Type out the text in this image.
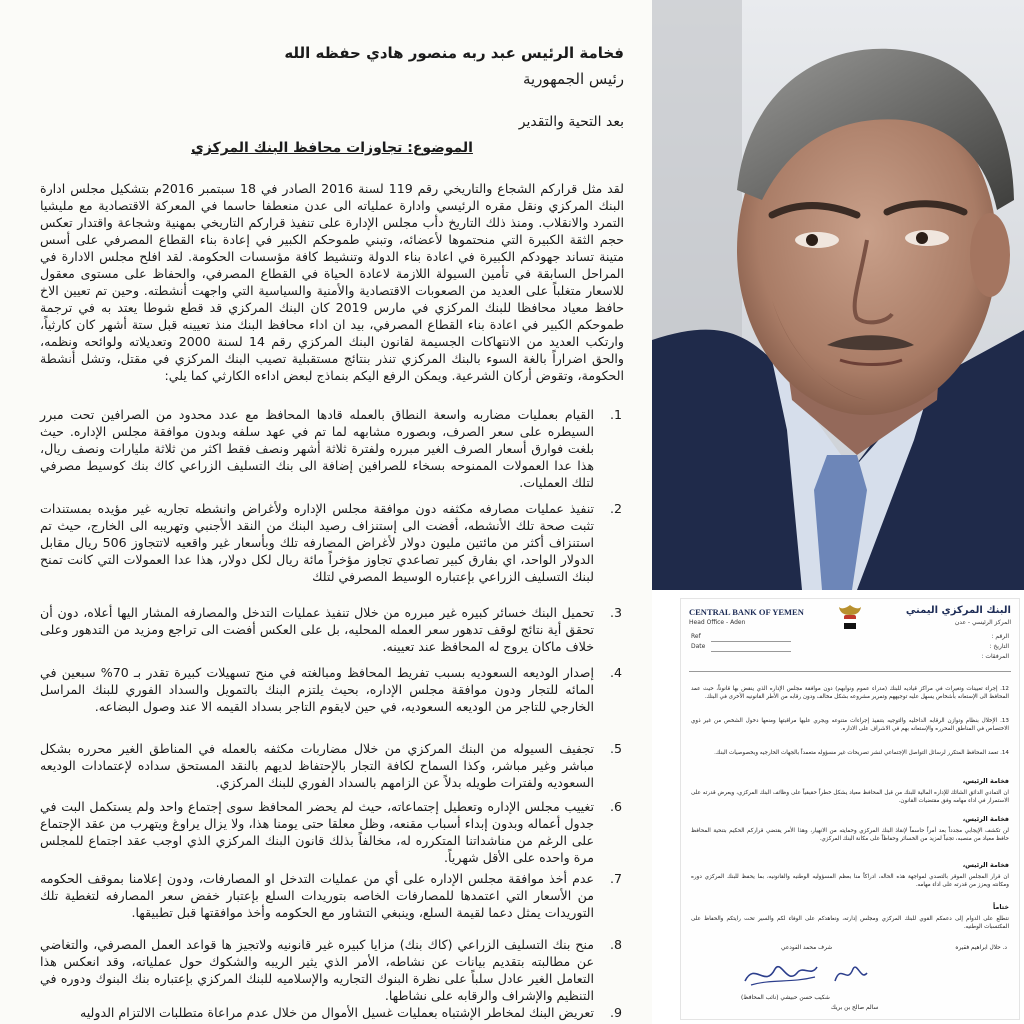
فخامة الرئيس عبد ربه منصور هادي حفظه الله
رئيس الجمهورية
بعد التحية والتقدير
الموضوع: تجاوزات محافظ البنك المركزي
لقد مثل قراركم الشجاع والتاريخي رقم 119 لسنة 2016 الصادر في 18 سبتمبر 2016م بتشكيل مجلس ادارة البنك المركزي ونقل مقره الرئيسي وادارة عملياته الى عدن منعطفا حاسما في المعركة الاقتصادية مع مليشيا التمرد والانقلاب. ومنذ ذلك التاريخ دأب مجلس الإدارة على تنفيذ قراركم التاريخي بمهنية وشجاعة واقتدار تعكس حجم الثقة الكبيرة التي منحتموها لأعضائه، وتبني طموحكم الكبير في إعادة بناء القطاع المصرفي على أسس متينة تساند جهودكم الكبيرة في اعادة بناء الدولة وتنشيط كافة مؤسسات الحكومة. لقد افلح مجلس الادارة في المراحل السابقة في تأمين السيولة اللازمة لاعادة الحياة في القطاع المصرفي، والحفاظ على مستوى معقول للاسعار متغلباً على العديد من الصعوبات الاقتصادية والأمنية والسياسية التي واجهت أنشطته. وحين تم تعيين الاخ حافظ معياد محافظا للبنك المركزي في مارس 2019 كان البنك المركزي قد قطع شوطا يعتد به في ترجمة طموحكم الكبير في اعادة بناء القطاع المصرفي، بيد ان اداء محافظ البنك منذ تعيينه قبل ستة أشهر كان كارثياً، وارتكب العديد من الانتهاكات الجسيمة لقانون البنك المركزي رقم 14 لسنة 2000 وتعديلاته ولوائحه ونظمه، والحق اضراراً بالغة السوء بالبنك المركزي تنذر بنتائج مستقبلية تصيب البنك المركزي في مقتل، وتشل أنشطة الحكومة، وتقوض أركان الشرعية. ويمكن الرفع اليكم بنماذج لبعض اداءه الكارثي كما يلي:
1.
القيام بعمليات مضاربه واسعة النطاق بالعمله قادها المحافظ مع عدد محدود من الصرافين تحت مبرر السيطره على سعر الصرف، وبصوره مشابهه لما تم في عهد سلفه وبدون موافقة مجلس الإداره. حيث بلغت فوارق أسعار الصرف الغير مبرره ولفترة ثلاثة أشهر ونصف فقط اكثر من ثلاثة مليارات ونصف ريال، هذا عدا العمولات الممنوحه بسخاء للصرافين إضافة الى بنك التسليف الزراعي كاك بنك كوسيط مصرفي لتلك العمليات.
2.
تنفيذ عمليات مصارفه مكثفه دون موافقة مجلس الإداره ولأغراض وانشطه تجاريه غير مؤيده بمستندات تثبت صحة تلك الأنشطه، أفضت الى إستنزاف رصيد البنك من النقد الأجنبي وتهريبه الى الخارج، حيث تم استنزاف أكثر من مائتين مليون دولار لأغراض المصارفه تلك وبأسعار غير واقعيه لاتتجاوز 506 ريال مقابل الدولار الواحد، اي بفارق كبير تصاعدي تجاوز مؤخراً مائة ريال لكل دولار، هذا عدا العمولات التي كانت تمنح لبنك التسليف الزراعي بإعتباره الوسيط المصرفي لتلك
3.
تحميل البنك خسائر كبيره غير مبرره من خلال تنفيذ عمليات التدخل والمصارفه المشار اليها أعلاه، دون أن تحقق أية نتائج لوقف تدهور سعر العمله المحليه، بل على العكس أفضت الى تراجع ومزيد من التدهور وعلى خلاف ماكان يروج له المحافظ عند تعيينه.
4.
إصدار الوديعه السعوديه بسبب تفريط المحافظ ومبالغته في منح تسهيلات كبيرة تقدر بـ 70% سبعين في المائه للتجار ودون موافقة مجلس الإداره، بحيث يلتزم البنك بالتمويل والسداد الفوري للبنك المراسل الخارجي للتاجر من الوديعه السعوديه، في حين لايقوم التاجر بسداد القيمه الا عند وصول البضاعه.
5.
تجفيف السيوله من البنك المركزي من خلال مضاربات مكثفه بالعمله في المناطق الغير محرره بشكل مباشر وغير مباشر، وكذا السماح لكافة التجار بالإحتفاظ لديهم بالنقد المستحق سداده لإعتمادات الوديعه السعوديه ولفترات طويله بدلاً عن الزامهم بالسداد الفوري للبنك المركزي.
6.
تغييب مجلس الإداره وتعطيل إجتماعاته، حيث لم يحضر المحافظ سوى إجتماع واحد ولم يستكمل البت في جدول أعماله وبدون إبداء أسباب مقنعه، وظل معلقا حتى يومنا هذا، ولا يزال يراوغ ويتهرب من عقد الإجتماع على الرغم من مناشداتنا المتكرره له، مخالفاً بذلك قانون البنك المركزي الذي اوجب عقد اجتماع للمجلس مرة واحده على الأقل شهرياً.
7.
عدم أخذ موافقة مجلس الإداره على أي من عمليات التدخل او المصارفات، ودون إعلامنا بموقف الحكومه من الأسعار التي اعتمدها للمصارفات الخاصه بتوريدات السلع بإعتبار خفض سعر المصارفه لتغطية تلك التوريدات يمثل دعما لقيمة السلع، وينبغي التشاور مع الحكومه وأخذ موافقتها قبل تطبيقها.
8.
منح بنك التسليف الزراعي (كاك بنك) مزايا كبيره غير قانونيه ولاتجيز ها قواعد العمل المصرفي، والتغاضي عن مطالبته بتقديم بيانات عن نشاطه، الأمر الذي يثير الريبه والشكوك حول عملياته، وقد انعكس هذا التعامل الغير عادل سلباً على نظرة البنوك التجاريه والإسلاميه للبنك المركزي بإعتباره بنك البنوك ودوره في التنظيم والإشراف والرقابه على نشاطها.
9.
تعريض البنك لمخاطر الإشتباه بعمليات غسيل الأموال من خلال عدم مراعاة متطلبات الالتزام الدوليه
CENTRAL BANK OF YEMEN
Head Office - Aden
البنك المركزي اليمني
المركز الرئيسي - عدن
الرقم :
التاريخ :
المرفقات :
Ref
Date
12. إجراء تعيينات وتغيرات في مراكز قياديه للبنك (مدراء عموم ونوابهم) دون موافقة مجلس الإداره الذي ينقض بها قانوناً، حيث عمد المحافظ الى الإستعانه بأشخاص يسهل عليه توجيههم وتمرير مشروعه بشكل مخالف ودون رقابه من الأطر القانونيه الأخرى في البنك.
13. الإخلال بنظام وتوازن الرقابه الداخليه والتوجيه بتنفيذ إجراءات متنوعه ويجري عليها مراقبتها ومنعها دخول الشخص من غير ذوي الاختصاص في المناطق المحرره والإستعانه بهم في الاشراف على الاداره.
14. تعمد المحافظ المتكرر لرسائل التواصل الإجتماعي لنشر تصريحات غير مسؤوله متعمداً بالجهات الخارجيه وبخصوصيات البنك.
فخامة الرئيس،
ان التمادي الدائق الشائك للإداره المالية للبنك من قبل المحافظ معياد يشكل خطراً حقيقياً على وظائف البنك المركزي، ويعرض قدرته على الاستمرار في اداء مهامه وفق مقتضيات القانون.
فخامة الرئيس،
لن تكشف الإيجابي مجدداً بعد أمراً حاسماً لإنقاذ البنك المركزي وحمايته من الانهيار، وهذا الأمر يقتضي قراركم الحكيم بتنحية المحافظ حافظ معياد من منصبه، تجنباً لمزيد من الخسائر وحفاظاً على مكانة البنك المركزي.
فخامة الرئيس،
ان قرار المجلس الموقر بالتصدي لمواجهة هذه الحاله، ادراكاً منا بعظم المسؤوليه الوطنيه والقانونيه، بما يحفظ للبنك المركزي دوره ومكانته ويعزز من قدرته على اداء مهامه.
ختاماً
نتطلع على الدوام إلى دعمكم القوي للبنك المركزي ومجلس إدارته، ونعاهدكم على الوفاء لكم والسير تحت رايتكم والحفاظ على المكتسبات الوطنيه.
د. حلال ابراهيم فقيره
شرف محمد الفودعي
شكيب حسن حبيشي (نائب المحافظ)
سالم صالح بن بريك
